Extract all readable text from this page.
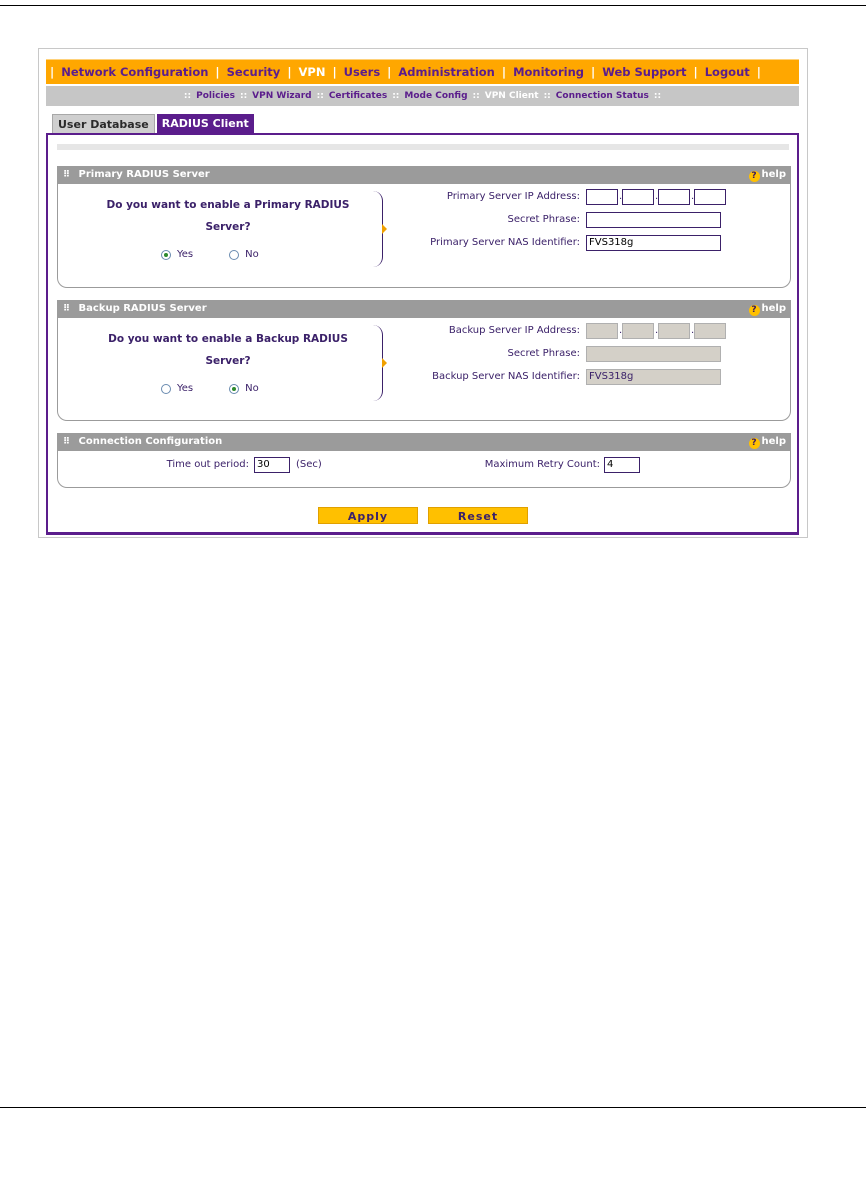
| Network Configuration | Security | VPN | Users | Administration | Monitoring | Web Support | Logout |
:: Policies :: VPN Wizard :: Certificates :: Mode Config :: VPN Client :: Connection Status ::
User Database	RADIUS Client
⠿ Primary RADIUS Server	? help
Do you want to enable a Primary RADIUS
Server?
Yes	No
Primary Server IP Address:	.	.	.
Secret Phrase:
Primary Server NAS Identifier: FVS318g
⠿ Backup RADIUS Server	? help
Do you want to enable a Backup RADIUS
Server?
Yes	No
Backup Server IP Address:	.	.	.
Secret Phrase:
Backup Server NAS Identifier: FVS318g
⠿ Connection Configuration	? help
Time out period: 30	(Sec)	Maximum Retry Count: 4
Apply	Reset
